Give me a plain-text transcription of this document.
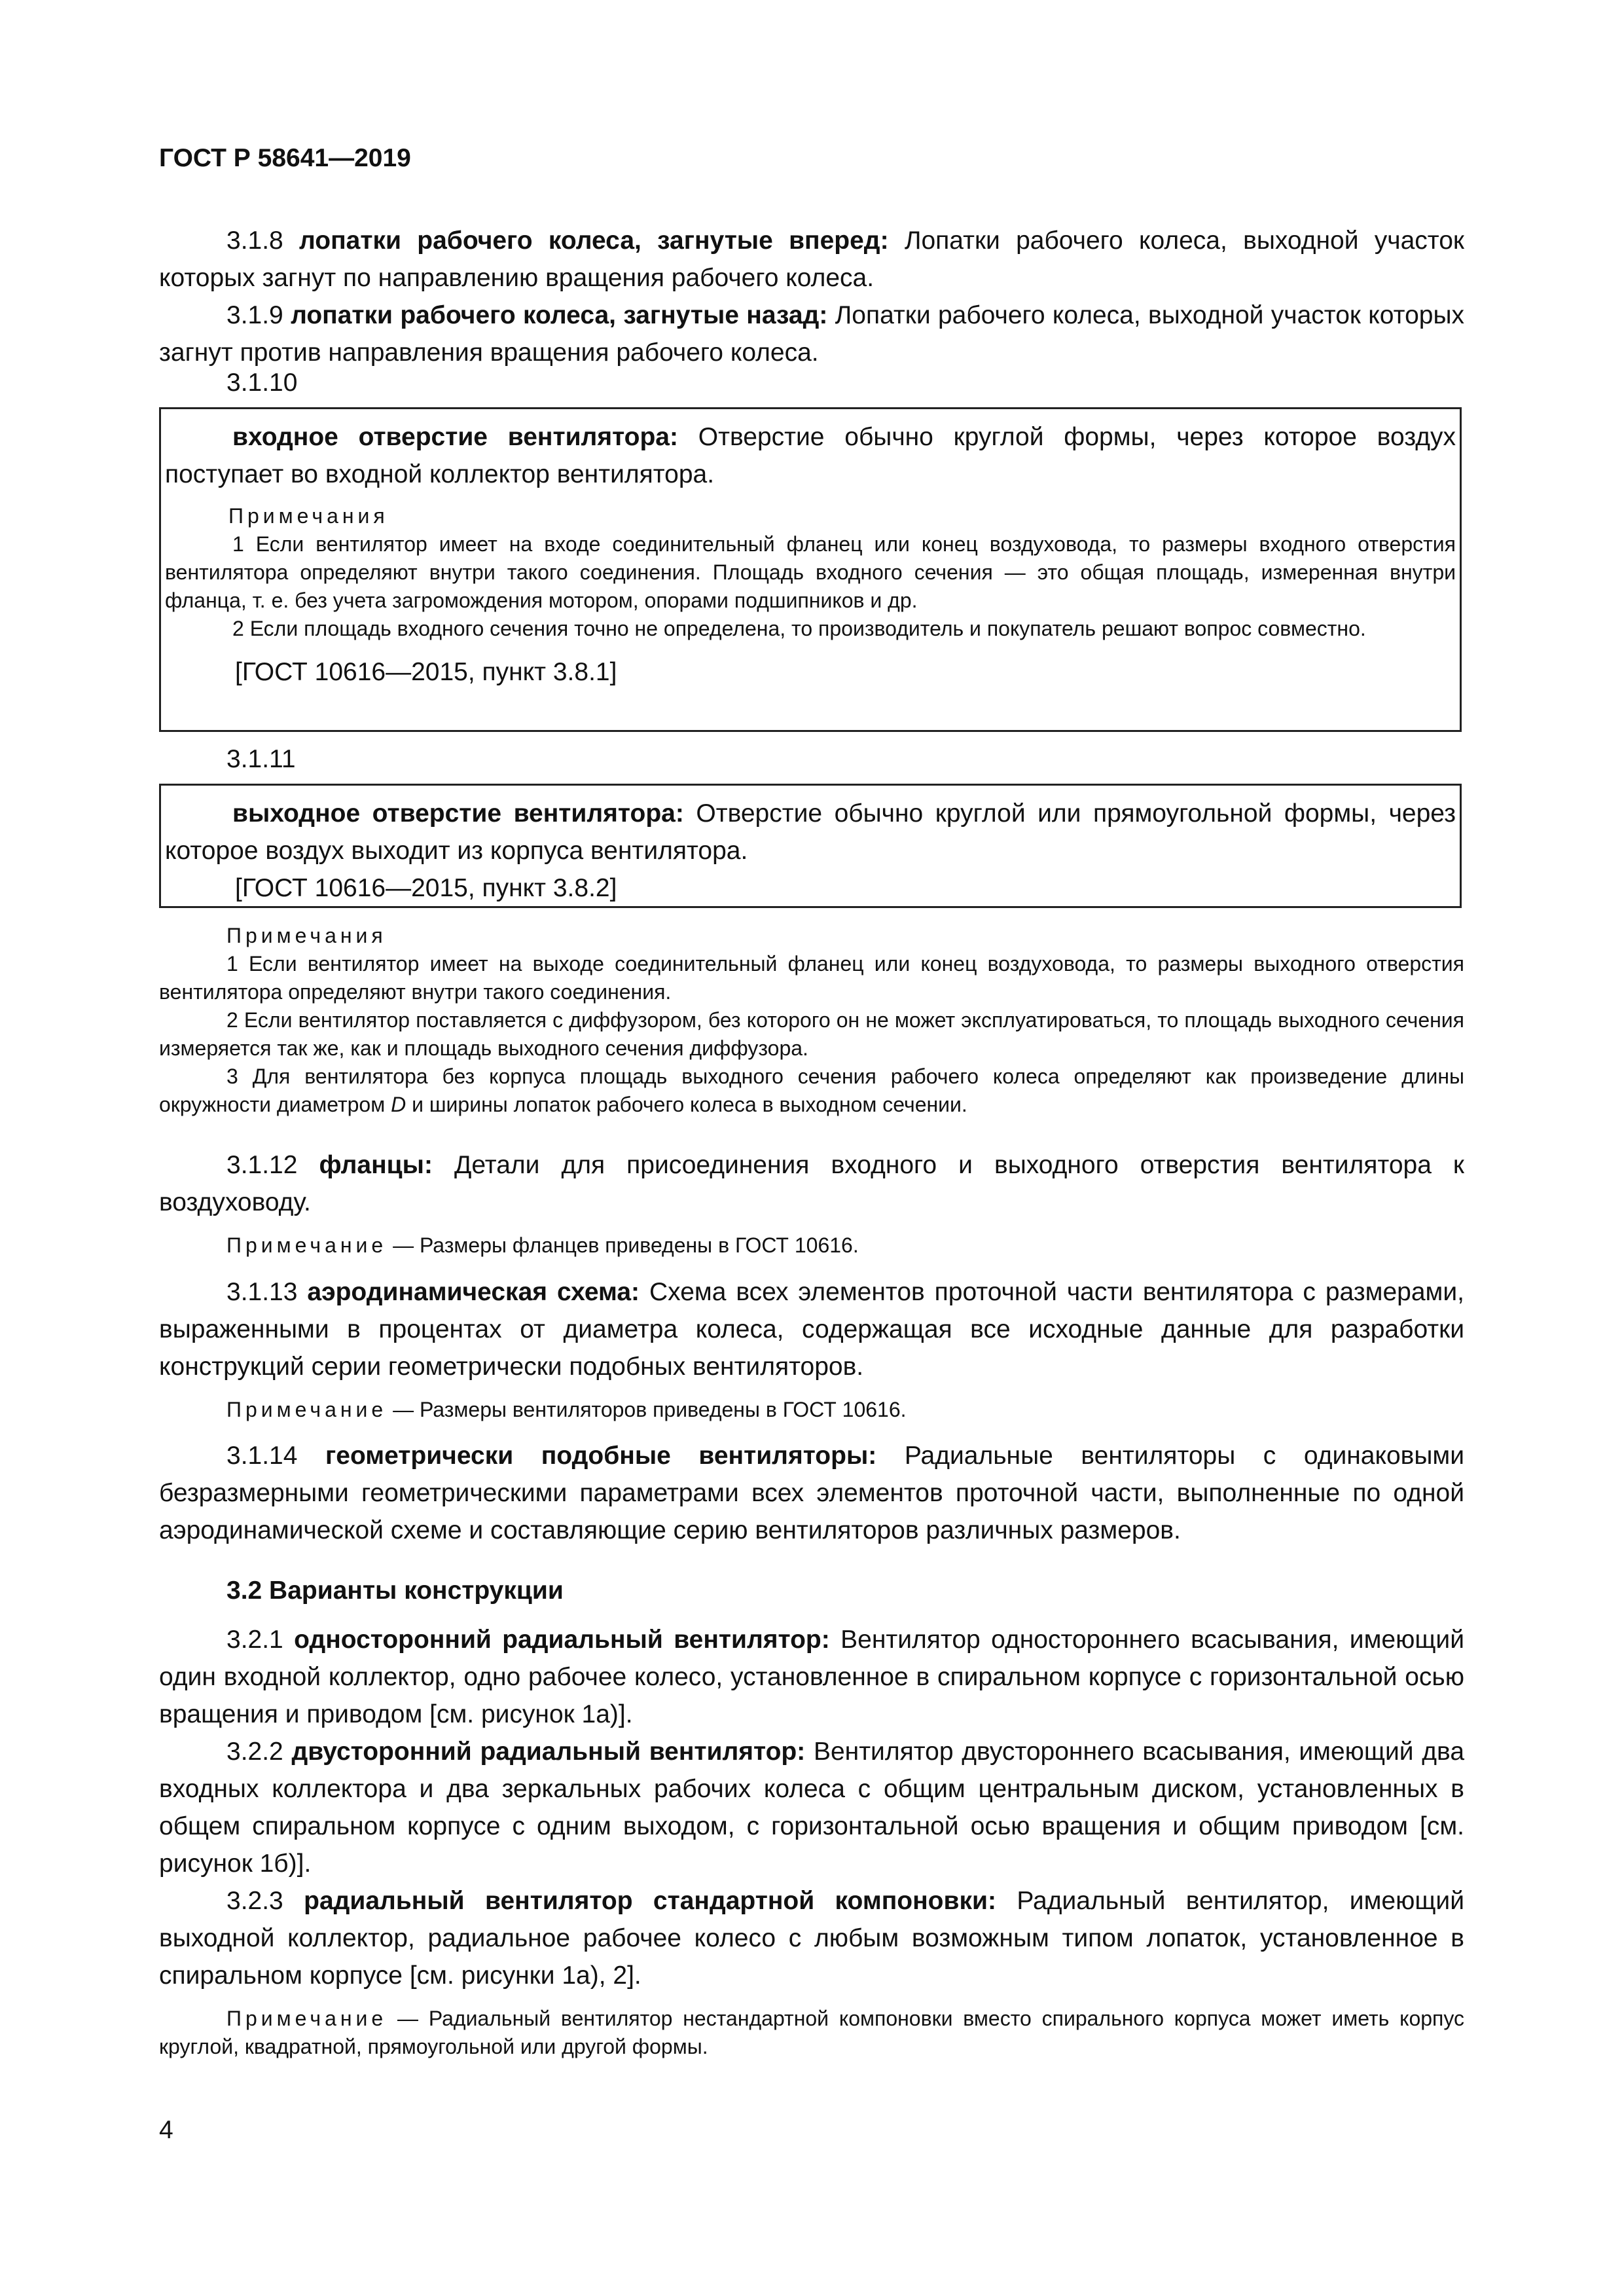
ГОСТ Р 58641—2019

3.1.8 лопатки рабочего колеса, загнутые вперед: Лопатки рабочего колеса, выходной участок которых загнут по направлению вращения рабочего колеса.

3.1.9 лопатки рабочего колеса, загнутые назад: Лопатки рабочего колеса, выходной участок которых загнут против направления вращения рабочего колеса.

3.1.10

входное отверстие вентилятора: Отверстие обычно круглой формы, через которое воздух поступает во входной коллектор вентилятора.

Примечания

1 Если вентилятор имеет на входе соединительный фланец или конец воздуховода, то размеры входного отверстия вентилятора определяют внутри такого соединения. Площадь входного сечения — это общая площадь, измеренная внутри фланца, т. е. без учета загромождения мотором, опорами подшипников и др.

2 Если площадь входного сечения точно не определена, то производитель и покупатель решают вопрос совместно.

[ГОСТ 10616—2015, пункт 3.8.1]

3.1.11

выходное отверстие вентилятора: Отверстие обычно круглой или прямоугольной формы, через которое воздух выходит из корпуса вентилятора.

[ГОСТ 10616—2015, пункт 3.8.2]

Примечания

1 Если вентилятор имеет на выходе соединительный фланец или конец воздуховода, то размеры выходного отверстия вентилятора определяют внутри такого соединения.

2 Если вентилятор поставляется с диффузором, без которого он не может эксплуатироваться, то площадь выходного сечения измеряется так же, как и площадь выходного сечения диффузора.

3 Для вентилятора без корпуса площадь выходного сечения рабочего колеса определяют как произведение длины окружности диаметром D и ширины лопаток рабочего колеса в выходном сечении.

3.1.12 фланцы: Детали для присоединения входного и выходного отверстия вентилятора к воздуховоду.

Примечание — Размеры фланцев приведены в ГОСТ 10616.

3.1.13 аэродинамическая схема: Схема всех элементов проточной части вентилятора с размерами, выраженными в процентах от диаметра колеса, содержащая все исходные данные для разработки конструкций серии геометрически подобных вентиляторов.

Примечание — Размеры вентиляторов приведены в ГОСТ 10616.

3.1.14 геометрически подобные вентиляторы: Радиальные вентиляторы с одинаковыми безразмерными геометрическими параметрами всех элементов проточной части, выполненные по одной аэродинамической схеме и составляющие серию вентиляторов различных размеров.

3.2 Варианты конструкции

3.2.1 односторонний радиальный вентилятор: Вентилятор одностороннего всасывания, имеющий один входной коллектор, одно рабочее колесо, установленное в спиральном корпусе с горизонтальной осью вращения и приводом [см. рисунок 1а)].

3.2.2 двусторонний радиальный вентилятор: Вентилятор двустороннего всасывания, имеющий два входных коллектора и два зеркальных рабочих колеса с общим центральным диском, установленных в общем спиральном корпусе с одним выходом, с горизонтальной осью вращения и общим приводом [см. рисунок 1б)].

3.2.3 радиальный вентилятор стандартной компоновки: Радиальный вентилятор, имеющий выходной коллектор, радиальное рабочее колесо с любым возможным типом лопаток, установленное в спиральном корпусе [см. рисунки 1а), 2].

Примечание — Радиальный вентилятор нестандартной компоновки вместо спирального корпуса может иметь корпус круглой, квадратной, прямоугольной или другой формы.

4
